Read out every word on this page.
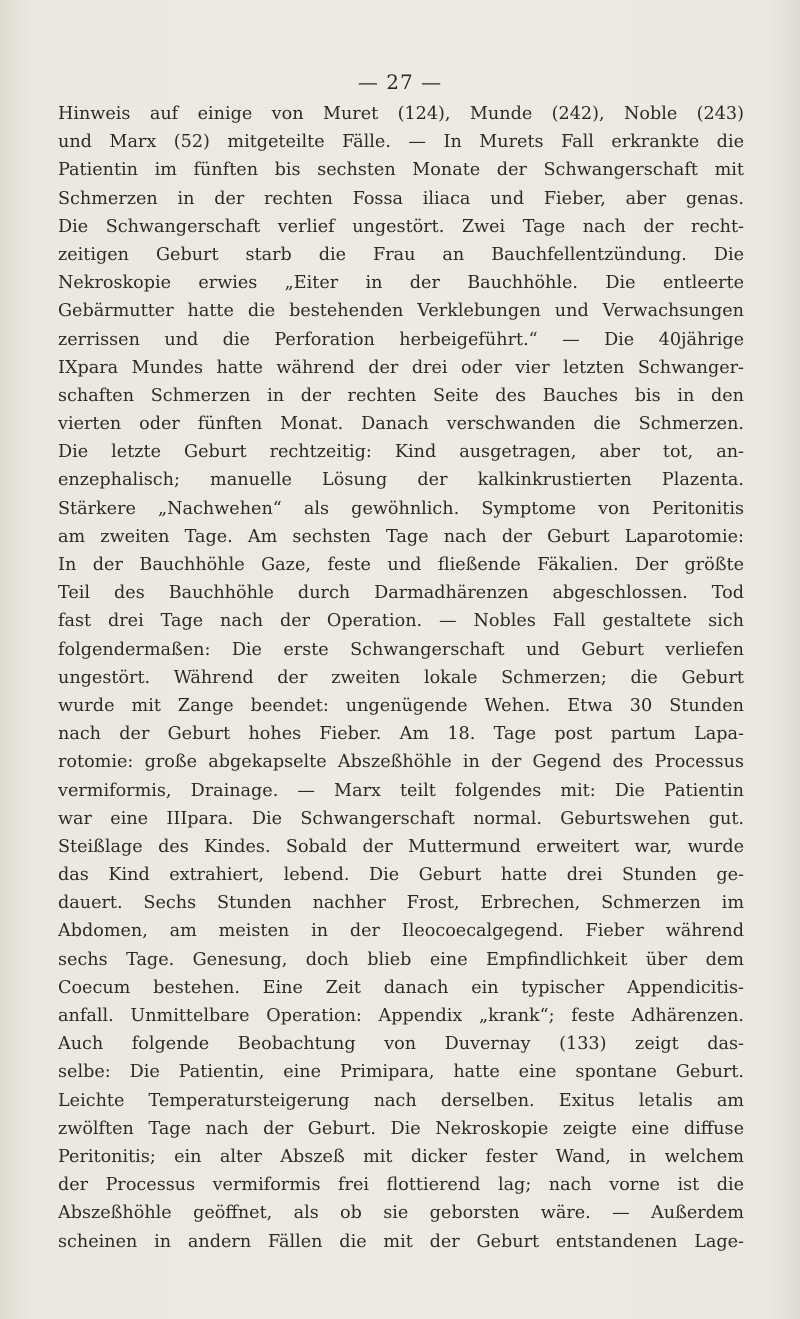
— 27 —
Hinweis auf einige von Muret (124), Munde (242), Noble (243)
und Marx (52) mitgeteilte Fälle. — In Murets Fall erkrankte die
Patientin im fünften bis sechsten Monate der Schwangerschaft mit
Schmerzen in der rechten Fossa iliaca und Fieber, aber genas.
Die Schwangerschaft verlief ungestört. Zwei Tage nach der recht-
zeitigen Geburt starb die Frau an Bauchfellentzündung. Die
Nekroskopie erwies „Eiter in der Bauchhöhle. Die entleerte
Gebärmutter hatte die bestehenden Verklebungen und Verwachsungen
zerrissen und die Perforation herbeigeführt.“ — Die 40jährige
IXpara Mundes hatte während der drei oder vier letzten Schwanger-
schaften Schmerzen in der rechten Seite des Bauches bis in den
vierten oder fünften Monat. Danach verschwanden die Schmerzen.
Die letzte Geburt rechtzeitig: Kind ausgetragen, aber tot, an-
enzephalisch; manuelle Lösung der kalkinkrustierten Plazenta.
Stärkere „Nachwehen“ als gewöhnlich. Symptome von Peritonitis
am zweiten Tage. Am sechsten Tage nach der Geburt Laparotomie:
In der Bauchhöhle Gaze, feste und fließende Fäkalien. Der größte
Teil des Bauchhöhle durch Darmadhärenzen abgeschlossen. Tod
fast drei Tage nach der Operation. — Nobles Fall gestaltete sich
folgendermaßen: Die erste Schwangerschaft und Geburt verliefen
ungestört. Während der zweiten lokale Schmerzen; die Geburt
wurde mit Zange beendet: ungenügende Wehen. Etwa 30 Stunden
nach der Geburt hohes Fieber. Am 18. Tage post partum Lapa-
rotomie: große abgekapselte Abszeßhöhle in der Gegend des Processus
vermiformis, Drainage. — Marx teilt folgendes mit: Die Patientin
war eine IIIpara. Die Schwangerschaft normal. Geburtswehen gut.
Steißlage des Kindes. Sobald der Muttermund erweitert war, wurde
das Kind extrahiert, lebend. Die Geburt hatte drei Stunden ge-
dauert. Sechs Stunden nachher Frost, Erbrechen, Schmerzen im
Abdomen, am meisten in der Ileocoecalgegend. Fieber während
sechs Tage. Genesung, doch blieb eine Empfindlichkeit über dem
Coecum bestehen. Eine Zeit danach ein typischer Appendicitis-
anfall. Unmittelbare Operation: Appendix „krank“; feste Adhärenzen.
Auch folgende Beobachtung von Duvernay (133) zeigt das-
selbe: Die Patientin, eine Primipara, hatte eine spontane Geburt.
Leichte Temperatursteigerung nach derselben. Exitus letalis am
zwölften Tage nach der Geburt. Die Nekroskopie zeigte eine diffuse
Peritonitis; ein alter Abszeß mit dicker fester Wand, in welchem
der Processus vermiformis frei flottierend lag; nach vorne ist die
Abszeßhöhle geöffnet, als ob sie geborsten wäre. — Außerdem
scheinen in andern Fällen die mit der Geburt entstandenen Lage-
